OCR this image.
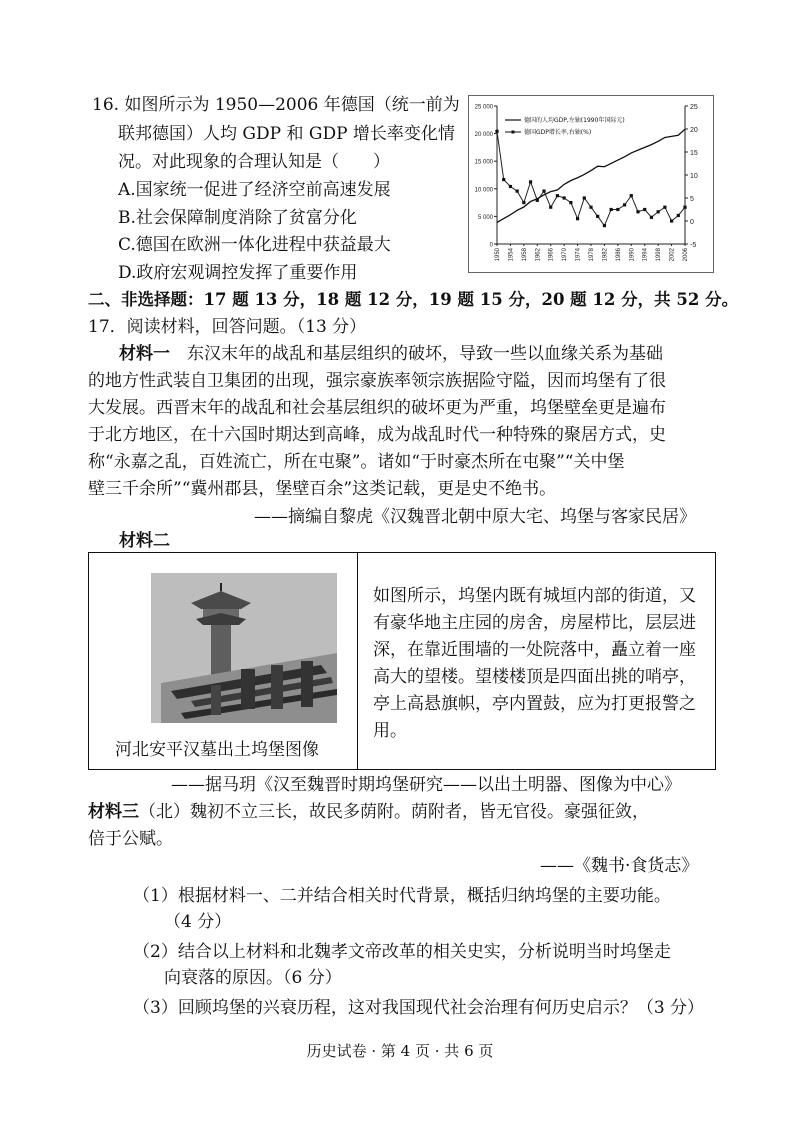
16. 如图所示为 1950—2006 年德国（统一前为
联邦德国）人均 GDP 和 GDP 增长率变化情
况。对此现象的合理认知是（　　）
A.国家统一促进了经济空前高速发展
B.社会保障制度消除了贫富分化
C.德国在欧洲一体化进程中获益最大
D.政府宏观调控发挥了重要作用
25 000
20 000
15 000
10 000
5 000
0
25
20
15
10
5
0
-5
1950 1954 1958 1962 1966 1970 1974 1978 1982 1986 1990 1994 1998 2002 2006
德国的人均GDP,左轴(1990年国际元)
德国GDP增长率,右轴(%)
二、非选择题：17 题 13 分，18 题 12 分，19 题 15 分，20 题 12 分，共 52 分。
17．阅读材料，回答问题。（13 分）
材料一　东汉末年的战乱和基层组织的破坏，导致一些以血缘关系为基础
的地方性武装自卫集团的出现，强宗豪族率领宗族据险守隘，因而坞堡有了很
大发展。西晋末年的战乱和社会基层组织的破坏更为严重，坞堡壁垒更是遍布
于北方地区，在十六国时期达到高峰，成为战乱时代一种特殊的聚居方式，史
称“永嘉之乱，百姓流亡，所在屯聚”。诸如“于时豪杰所在屯聚”“关中堡
壁三千余所”“冀州郡县，堡壁百余”这类记载，更是史不绝书。
——摘编自黎虎《汉魏晋北朝中原大宅、坞堡与客家民居》
材料二
河北安平汉墓出土坞堡图像
如图所示，坞堡内既有城垣内部的街道，又
有豪华地主庄园的房舍，房屋栉比，层层进
深，在靠近围墙的一处院落中，矗立着一座
高大的望楼。望楼楼顶是四面出挑的哨亭，
亭上高悬旗帜，亭内置鼓，应为打更报警之
用。
——据马玥《汉至魏晋时期坞堡研究——以出土明器、图像为中心》
材料三（北）魏初不立三长，故民多荫附。荫附者，皆无官役。豪强征敛，
倍于公赋。
——《魏书·食货志》
（1）根据材料一、二并结合相关时代背景，概括归纳坞堡的主要功能。
（4 分）
（2）结合以上材料和北魏孝文帝改革的相关史实，分析说明当时坞堡走
向衰落的原因。（6 分）
（3）回顾坞堡的兴衰历程，这对我国现代社会治理有何历史启示？（3 分）
历史试卷 · 第 4 页 · 共 6 页
